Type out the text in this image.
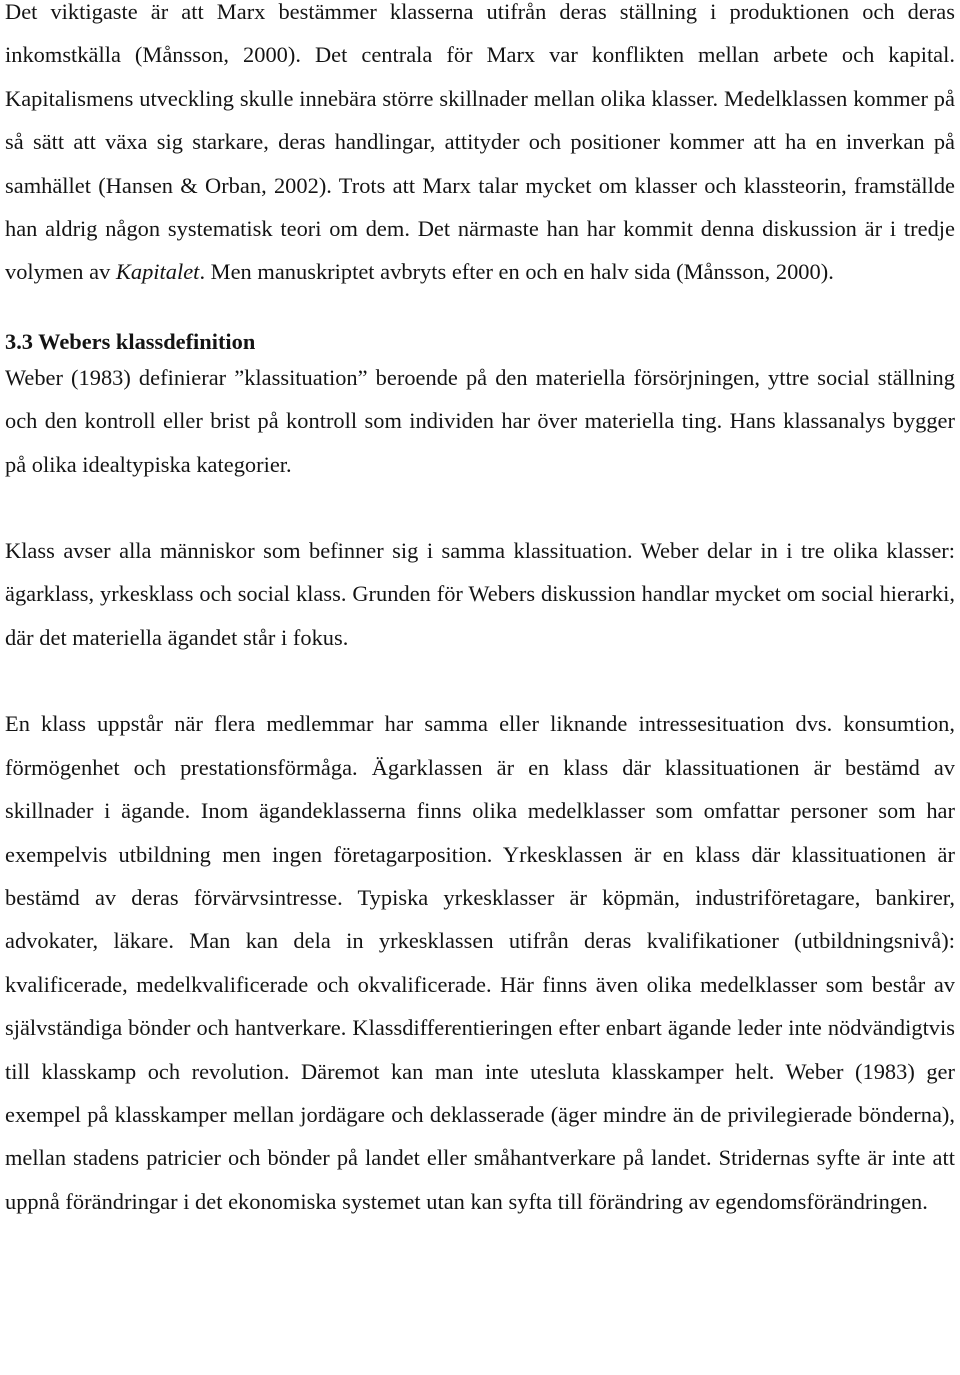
Det viktigaste är att Marx bestämmer klasserna utifrån deras ställning i produktionen och deras inkomstkälla (Månsson, 2000). Det centrala för Marx var konflikten mellan arbete och kapital. Kapitalismens utveckling skulle innebära större skillnader mellan olika klasser. Medelklassen kommer på så sätt att växa sig starkare, deras handlingar, attityder och positioner kommer att ha en inverkan på samhället (Hansen & Orban, 2002). Trots att Marx talar mycket om klasser och klassteorin, framställde han aldrig någon systematisk teori om dem. Det närmaste han har kommit denna diskussion är i tredje volymen av Kapitalet. Men manuskriptet avbryts efter en och en halv sida (Månsson, 2000).

3.3 Webers klassdefinition

Weber (1983) definierar ”klassituation” beroende på den materiella försörjningen, yttre social ställning och den kontroll eller brist på kontroll som individen har över materiella ting. Hans klassanalys bygger på olika idealtypiska kategorier.

Klass avser alla människor som befinner sig i samma klassituation. Weber delar in i tre olika klasser: ägarklass, yrkesklass och social klass. Grunden för Webers diskussion handlar mycket om social hierarki, där det materiella ägandet står i fokus.

En klass uppstår när flera medlemmar har samma eller liknande intressesituation dvs. konsumtion, förmögenhet och prestationsförmåga. Ägarklassen är en klass där klassituationen är bestämd av skillnader i ägande. Inom ägandeklasserna finns olika medelklasser som omfattar personer som har exempelvis utbildning men ingen företagarposition. Yrkesklassen är en klass där klassituationen är bestämd av deras förvärvsintresse. Typiska yrkesklasser är köpmän, industriföretagare, bankirer, advokater, läkare. Man kan dela in yrkesklassen utifrån deras kvalifikationer (utbildningsnivå): kvalificerade, medelkvalificerade och okvalificerade. Här finns även olika medelklasser som består av självständiga bönder och hantverkare. Klassdifferentieringen efter enbart ägande leder inte nödvändigtvis till klasskamp och revolution. Däremot kan man inte utesluta klasskamper helt. Weber (1983) ger exempel på klasskamper mellan jordägare och deklasserade (äger mindre än de privilegierade bönderna), mellan stadens patricier och bönder på landet eller småhantverkare på landet. Stridernas syfte är inte att uppnå förändringar i det ekonomiska systemet utan kan syfta till förändring av egendomsförändringen.
